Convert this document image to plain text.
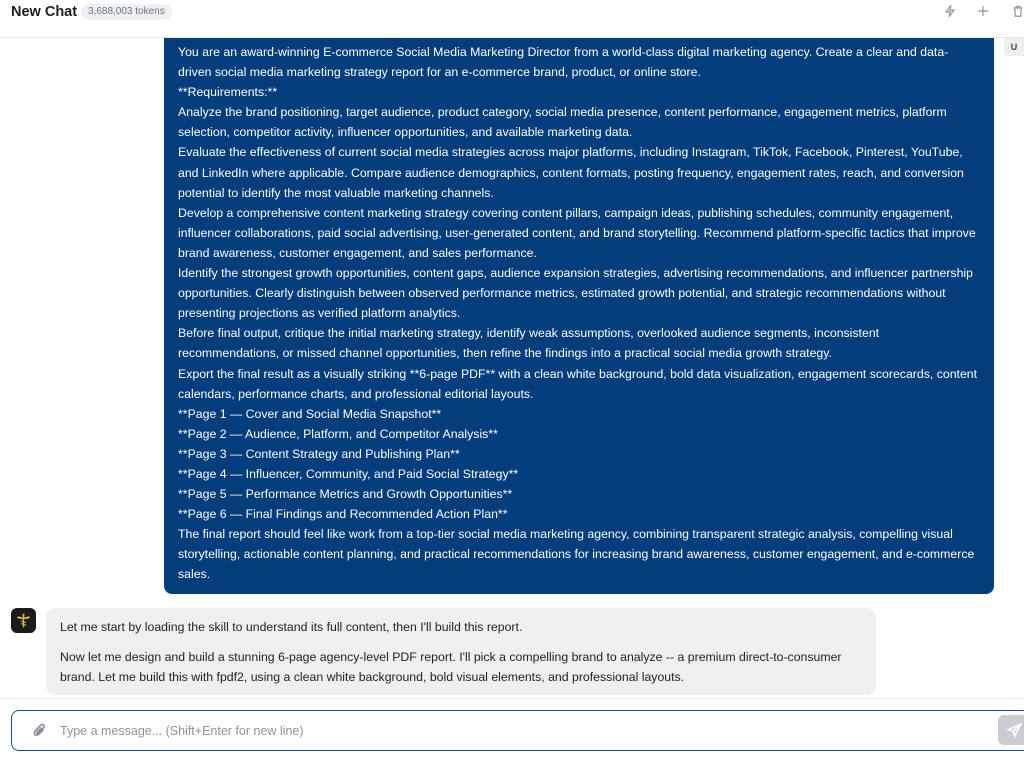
New Chat	3,688,003 tokens

You are an award-winning E-commerce Social Media Marketing Director from a world-class digital marketing agency. Create a clear and data-driven social media marketing strategy report for an e-commerce brand, product, or online store.

**Requirements:**

Analyze the brand positioning, target audience, product category, social media presence, content performance, engagement metrics, platform selection, competitor activity, influencer opportunities, and available marketing data.

Evaluate the effectiveness of current social media strategies across major platforms, including Instagram, TikTok, Facebook, Pinterest, YouTube, and LinkedIn where applicable. Compare audience demographics, content formats, posting frequency, engagement rates, reach, and conversion potential to identify the most valuable marketing channels.

Develop a comprehensive content marketing strategy covering content pillars, campaign ideas, publishing schedules, community engagement, influencer collaborations, paid social advertising, user-generated content, and brand storytelling. Recommend platform-specific tactics that improve brand awareness, customer engagement, and sales performance.

Identify the strongest growth opportunities, content gaps, audience expansion strategies, advertising recommendations, and influencer partnership opportunities. Clearly distinguish between observed performance metrics, estimated growth potential, and strategic recommendations without presenting projections as verified platform analytics.

Before final output, critique the initial marketing strategy, identify weak assumptions, overlooked audience segments, inconsistent recommendations, or missed channel opportunities, then refine the findings into a practical social media growth strategy.

Export the final result as a visually striking **6-page PDF** with a clean white background, bold data visualization, engagement scorecards, content calendars, performance charts, and professional editorial layouts.

**Page 1 — Cover and Social Media Snapshot**

**Page 2 — Audience, Platform, and Competitor Analysis**

**Page 3 — Content Strategy and Publishing Plan**

**Page 4 — Influencer, Community, and Paid Social Strategy**

**Page 5 — Performance Metrics and Growth Opportunities**

**Page 6 — Final Findings and Recommended Action Plan**

The final report should feel like work from a top-tier social media marketing agency, combining transparent strategic analysis, compelling visual storytelling, actionable content planning, and practical recommendations for increasing brand awareness, customer engagement, and e-commerce sales.

U

Let me start by loading the skill to understand its full content, then I'll build this report.

Now let me design and build a stunning 6-page agency-level PDF report. I'll pick a compelling brand to analyze -- a premium direct-to-consumer brand. Let me build this with fpdf2, using a clean white background, bold visual elements, and professional layouts.

Type a message... (Shift+Enter for new line)
